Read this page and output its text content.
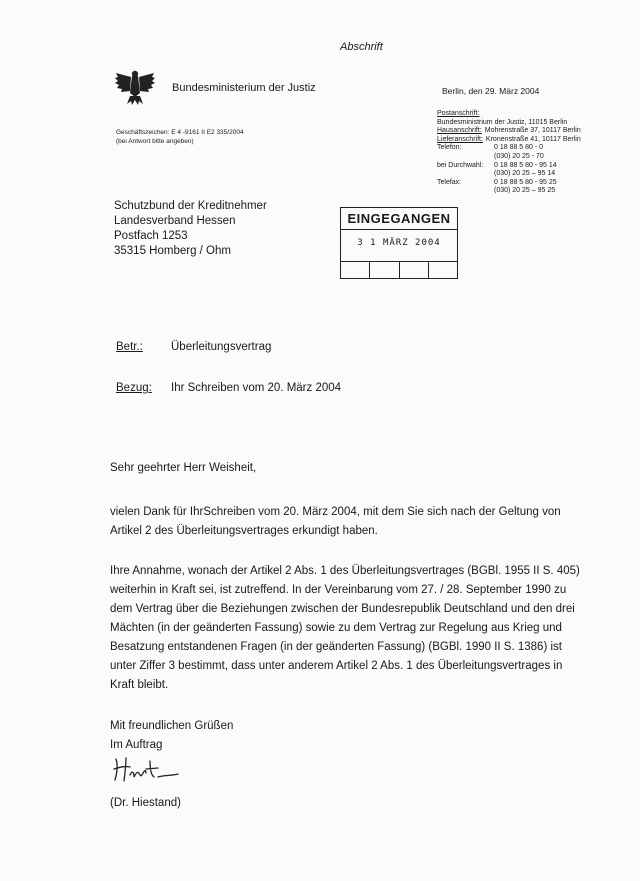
Abschrift
Bundesministerium der Justiz	Berlin, den 29. März 2004
Geschäftszeichen: E 4 -9161 II E2 335/2004
(bei Antwort bitte angeben)
Postanschrift:
Bundesministrium der Justiz, 11015 Berlin
Hausanschrift: Mohrenstraße 37, 10117 Berlin
Lieferanschrift: Kronenstraße 41, 10117 Berlin
Telefon:	0 18 88 5 80 - 0
(030) 20 25 - 70
bei Durchwahl:	0 18 88 5 80 - 95 14
(030) 20 25 – 95 14
Telefax:	0 18 88 5 80 - 95 25
(030) 20 25 – 95 25
Schutzbund der Kreditnehmer
Landesverband Hessen
Postfach 1253
35315 Homberg / Ohm
EINGEGANGEN
3 1 MÄRZ 2004
Betr.: Überleitungsvertrag
Bezug: Ihr Schreiben vom 20. März 2004
Sehr geehrter Herr Weisheit,
vielen Dank für IhrSchreiben vom 20. März 2004, mit dem Sie sich nach der Geltung von Artikel 2 des Überleitungsvertrages erkundigt haben.
Ihre Annahme, wonach der Artikel 2 Abs. 1 des Überleitungsvertrages (BGBl. 1955 II S. 405) weiterhin in Kraft sei, ist zutreffend. In der Vereinbarung vom 27. / 28. September 1990 zu dem Vertrag über die Beziehungen zwischen der Bundesrepublik Deutschland und den drei Mächten (in der geänderten Fassung) sowie zu dem Vertrag zur Regelung aus Krieg und Besatzung entstandenen Fragen (in der geänderten Fassung) (BGBl. 1990 II S. 1386) ist unter Ziffer 3 bestimmt, dass unter anderem Artikel 2 Abs. 1 des Überleitungsvertrages in Kraft bleibt.
Mit freundlichen Grüßen
Im Auftrag
(Dr. Hiestand)
